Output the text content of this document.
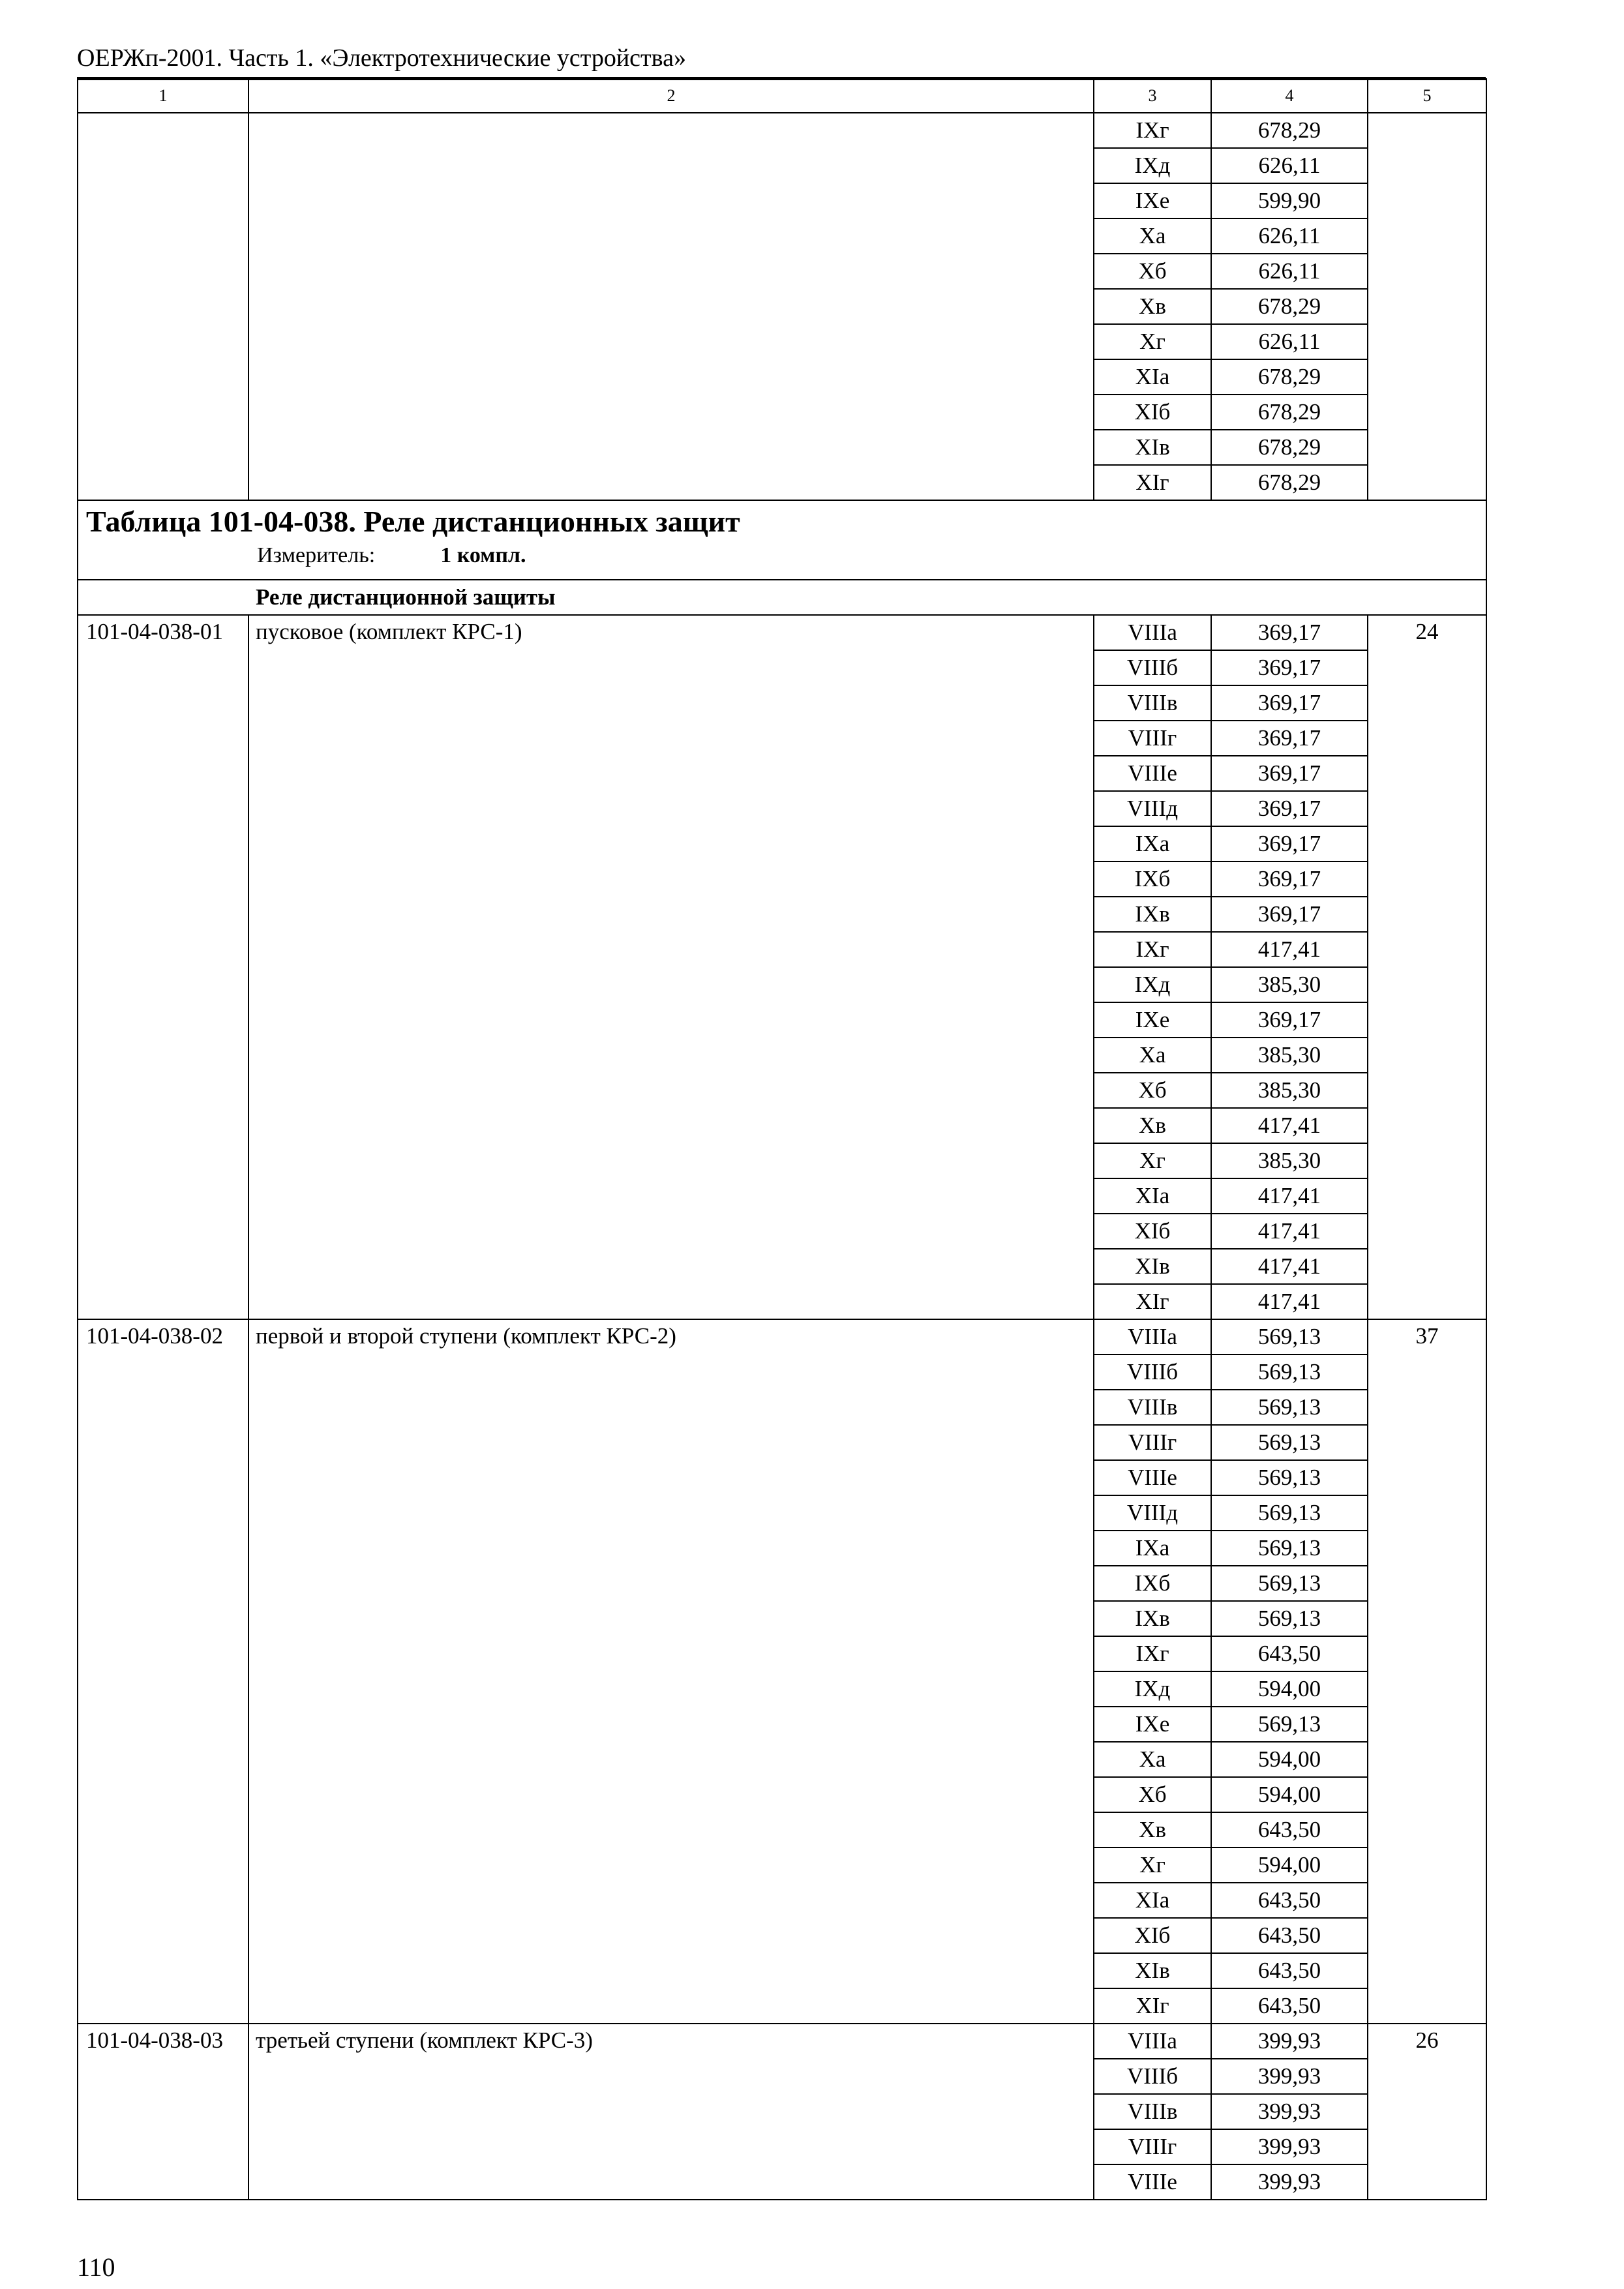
ОЕРЖп-2001. Часть 1. «Электротехнические устройства»
1	2	3	4	5
		IXг	678,29	
		IXд	626,11	
		IXе	599,90	
		Xа	626,11	
		Xб	626,11	
		Xв	678,29	
		Xг	626,11	
		XIа	678,29	
		XIб	678,29	
		XIв	678,29	
		XIг	678,29	

Таблица 101-04-038. Реле дистанционных защит
Измеритель: 1 компл.				

Реле дистанционной защиты				
101-04-038-01	пусковое (комплект КРС-1)	VIIIа	369,17	24
		VIIIб	369,17	
		VIIIв	369,17	
		VIIIг	369,17	
		VIIIе	369,17	
		VIIIд	369,17	
		IXа	369,17	
		IXб	369,17	
		IXв	369,17	
		IXг	417,41	
		IXд	385,30	
		IXе	369,17	
		Xа	385,30	
		Xб	385,30	
		Xв	417,41	
		Xг	385,30	
		XIа	417,41	
		XIб	417,41	
		XIв	417,41	
		XIг	417,41	
101-04-038-02	первой и второй ступени (комплект КРС-2)	VIIIа	569,13	37
		VIIIб	569,13	
		VIIIв	569,13	
		VIIIг	569,13	
		VIIIе	569,13	
		VIIIд	569,13	
		IXа	569,13	
		IXб	569,13	
		IXв	569,13	
		IXг	643,50	
		IXд	594,00	
		IXе	569,13	
		Xа	594,00	
		Xб	594,00	
		Xв	643,50	
		Xг	594,00	
		XIа	643,50	
		XIб	643,50	
		XIв	643,50	
		XIг	643,50	
101-04-038-03	третьей ступени (комплект КРС-3)	VIIIа	399,93	26
		VIIIб	399,93	
		VIIIв	399,93	
		VIIIг	399,93	
		VIIIе	399,93	
110
